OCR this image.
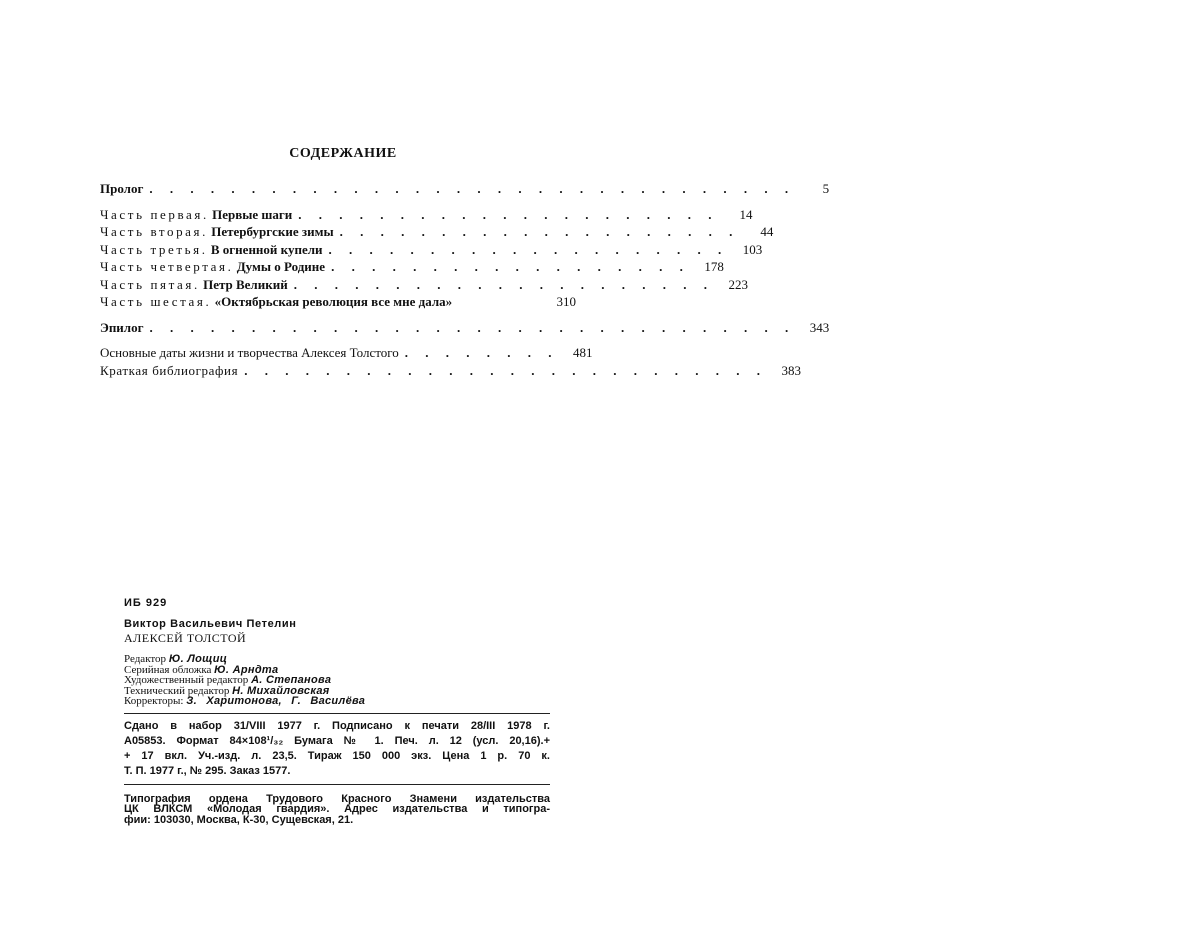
СОДЕРЖАНИЕ
Пролог . . . . . . . . . . . . . . . . . . . . . . . . . . . . . . . .	5
Часть первая. Первые шаги . . . . . . . . . . . . . . . . . . . . .	14
Часть вторая. Петербургские зимы . . . . . . . . . . . . . . . . . . . .	44
Часть третья. В огненной купели . . . . . . . . . . . . . . . . . . . .	103
Часть четвертая. Думы о Родине . . . . . . . . . . . . . . . . . .	178
Часть пятая. Петр Великий . . . . . . . . . . . . . . . . . . . . .	223
Часть шестая. «Октябрьская революция все мне дала»	310
Эпилог . . . . . . . . . . . . . . . . . . . . . . . . . . . . . . . .	343
Основные даты жизни и творчества Алексея Толстого . . . . . . . .	481
Краткая библиография . . . . . . . . . . . . . . . . . . . . . . . . . .	383
ИБ 929
Виктор Васильевич Петелин
АЛЕКСЕЙ ТОЛСТОЙ
Редактор Ю. Лощиц
Серийная обложка Ю. Арндта
Художественный редактор А. Степанова
Технический редактор Н. Михайловская
Корректоры: З. Харитонова, Г. Василёва
Сдано в набор 31/VIII 1977 г. Подписано к печати 28/III 1978 г.
А05853. Формат 84×108¹/₃₂ Бумага № 1. Печ. л. 12 (усл. 20,16).+
+ 17 вкл. Уч.-изд. л. 23,5. Тираж 150 000 экз. Цена 1 р. 70 к.
Т. П. 1977 г., № 295. Заказ 1577.
Типография ордена Трудового Красного Знамени издательства
ЦК ВЛКСМ «Молодая гвардия». Адрес издательства и типогра-
фии: 103030, Москва, К-30, Сущевская, 21.
